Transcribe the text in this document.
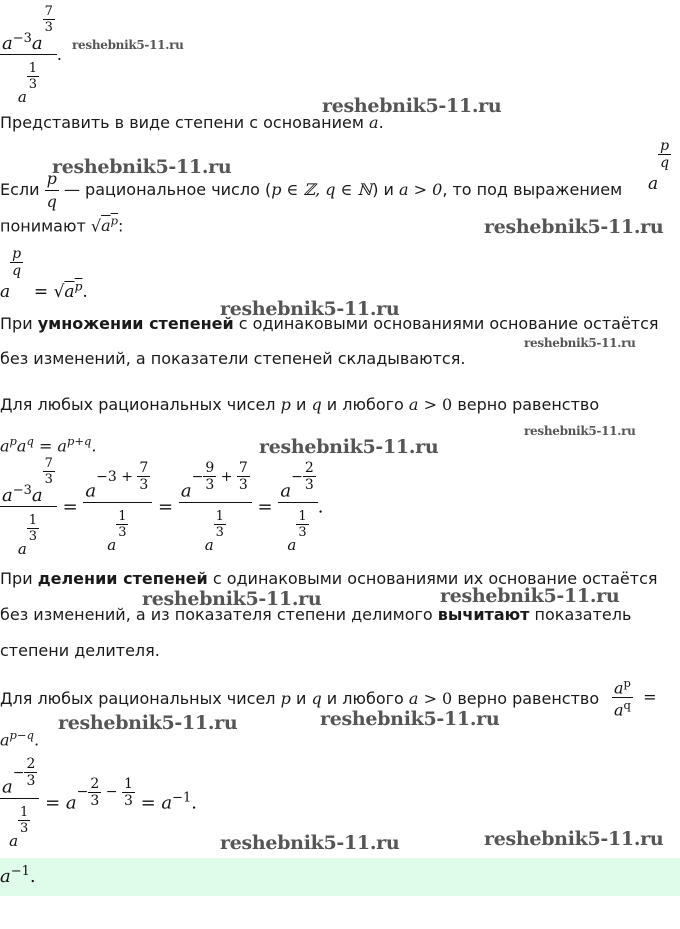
$a^{-3}a$
$\frac{7}{3}$
a
$\frac{1}{3}$ . reshebnik5-11.ru
reshebnik5-11.ru
Представить в виде степени с основанием a.
Если $\frac{p}{q}$ — рациональное число (p ∈ ℤ, q ∈ ℕ) и a > 0, то под выражением a
$\frac{p}{q}$
reshebnik5-11.ru
понимают $√a^p$:	reshebnik5-11.ru
a
$\frac{p}{q}$
= $√a^p$.
reshebnik5-11.ru
При умножении степеней с одинаковыми основаниями основание остаётся
reshebnik5-11.ru
без изменений, а показатели степеней складываются.
Для любых рациональных чисел p и q и любого a > 0 верно равенство
reshebnik5-11.ru
$a^pa^q = a^{p+q}$.	reshebnik5-11.ru
$a^{-3}a$
$\frac{7}{3}$
a
$\frac{1}{3} = a^{-3 + \frac{7}{3}}$
a
$\frac{1}{3} = a^{- \frac{9}{3} + \frac{7}{3}}$
a
$\frac{1}{3} = a^{- \frac{2}{3}}$
a
$\frac{1}{3}$ .
При делении степеней с одинаковыми основаниями их основание остаётся
reshebnik5-11.ru	reshebnik5-11.ru
без изменений, а из показателя степени делимого вычитают показатель
степени делителя.
Для любых рациональных чисел p и q и любого a > 0 верно равенство $\frac{a^p}{a^q}$ =
$a^{p-q}$.
reshebnik5-11.ru	reshebnik5-11.ru
$a^{- \frac{2}{3}}$
a
$\frac{1}{3} = a^{- \frac{2}{3} - \frac{1}{3}} = a^{-1}$.
reshebnik5-11.ru	reshebnik5-11.ru
$a^{-1}$.
